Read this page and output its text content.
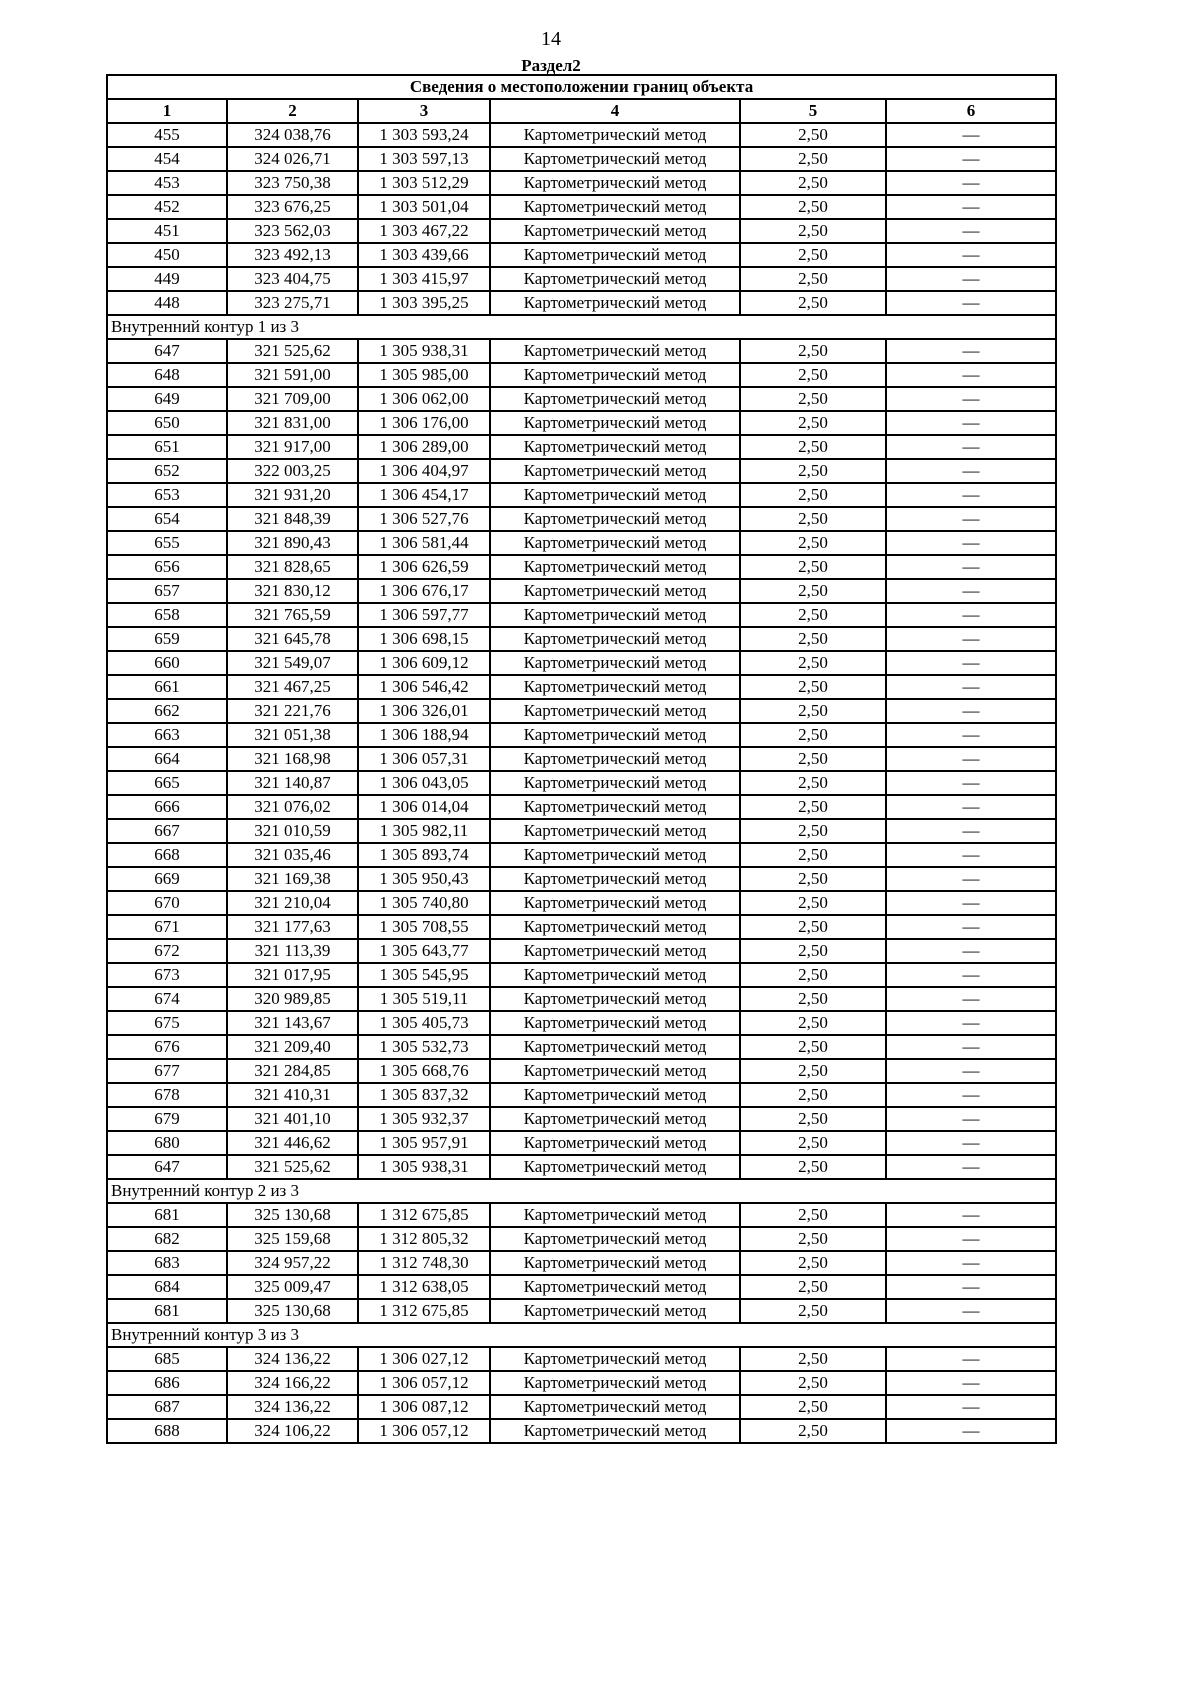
14
Раздел2
Сведения о местоположении границ объекта					
1	2	3	4	5	6
455	324 038,76	1 303 593,24	Картометрический метод	2,50	—
454	324 026,71	1 303 597,13	Картометрический метод	2,50	—
453	323 750,38	1 303 512,29	Картометрический метод	2,50	—
452	323 676,25	1 303 501,04	Картометрический метод	2,50	—
451	323 562,03	1 303 467,22	Картометрический метод	2,50	—
450	323 492,13	1 303 439,66	Картометрический метод	2,50	—
449	323 404,75	1 303 415,97	Картометрический метод	2,50	—
448	323 275,71	1 303 395,25	Картометрический метод	2,50	—
Внутренний контур 1 из 3					
647	321 525,62	1 305 938,31	Картометрический метод	2,50	—
648	321 591,00	1 305 985,00	Картометрический метод	2,50	—
649	321 709,00	1 306 062,00	Картометрический метод	2,50	—
650	321 831,00	1 306 176,00	Картометрический метод	2,50	—
651	321 917,00	1 306 289,00	Картометрический метод	2,50	—
652	322 003,25	1 306 404,97	Картометрический метод	2,50	—
653	321 931,20	1 306 454,17	Картометрический метод	2,50	—
654	321 848,39	1 306 527,76	Картометрический метод	2,50	—
655	321 890,43	1 306 581,44	Картометрический метод	2,50	—
656	321 828,65	1 306 626,59	Картометрический метод	2,50	—
657	321 830,12	1 306 676,17	Картометрический метод	2,50	—
658	321 765,59	1 306 597,77	Картометрический метод	2,50	—
659	321 645,78	1 306 698,15	Картометрический метод	2,50	—
660	321 549,07	1 306 609,12	Картометрический метод	2,50	—
661	321 467,25	1 306 546,42	Картометрический метод	2,50	—
662	321 221,76	1 306 326,01	Картометрический метод	2,50	—
663	321 051,38	1 306 188,94	Картометрический метод	2,50	—
664	321 168,98	1 306 057,31	Картометрический метод	2,50	—
665	321 140,87	1 306 043,05	Картометрический метод	2,50	—
666	321 076,02	1 306 014,04	Картометрический метод	2,50	—
667	321 010,59	1 305 982,11	Картометрический метод	2,50	—
668	321 035,46	1 305 893,74	Картометрический метод	2,50	—
669	321 169,38	1 305 950,43	Картометрический метод	2,50	—
670	321 210,04	1 305 740,80	Картометрический метод	2,50	—
671	321 177,63	1 305 708,55	Картометрический метод	2,50	—
672	321 113,39	1 305 643,77	Картометрический метод	2,50	—
673	321 017,95	1 305 545,95	Картометрический метод	2,50	—
674	320 989,85	1 305 519,11	Картометрический метод	2,50	—
675	321 143,67	1 305 405,73	Картометрический метод	2,50	—
676	321 209,40	1 305 532,73	Картометрический метод	2,50	—
677	321 284,85	1 305 668,76	Картометрический метод	2,50	—
678	321 410,31	1 305 837,32	Картометрический метод	2,50	—
679	321 401,10	1 305 932,37	Картометрический метод	2,50	—
680	321 446,62	1 305 957,91	Картометрический метод	2,50	—
647	321 525,62	1 305 938,31	Картометрический метод	2,50	—
Внутренний контур 2 из 3					
681	325 130,68	1 312 675,85	Картометрический метод	2,50	—
682	325 159,68	1 312 805,32	Картометрический метод	2,50	—
683	324 957,22	1 312 748,30	Картометрический метод	2,50	—
684	325 009,47	1 312 638,05	Картометрический метод	2,50	—
681	325 130,68	1 312 675,85	Картометрический метод	2,50	—
Внутренний контур 3 из 3					
685	324 136,22	1 306 027,12	Картометрический метод	2,50	—
686	324 166,22	1 306 057,12	Картометрический метод	2,50	—
687	324 136,22	1 306 087,12	Картометрический метод	2,50	—
688	324 106,22	1 306 057,12	Картометрический метод	2,50	—
